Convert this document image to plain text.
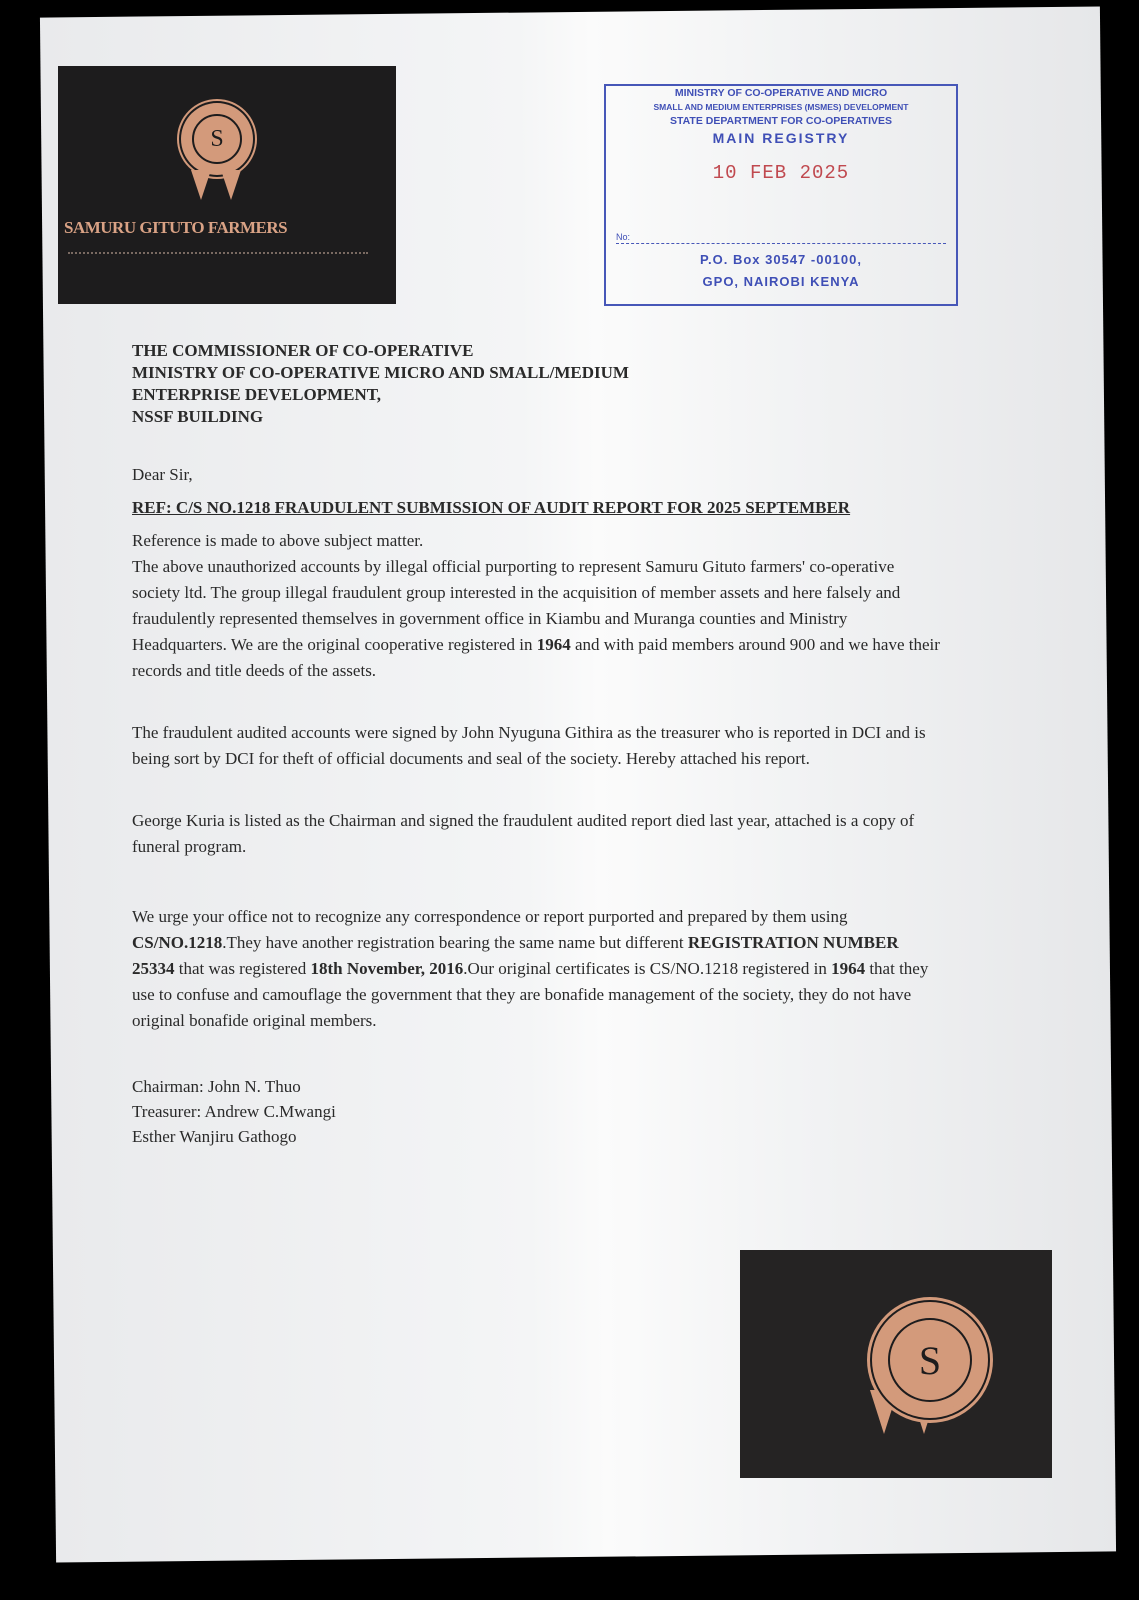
S
SAMURU GITUTO FARMERS
MINISTRY OF CO-OPERATIVE AND MICRO
SMALL AND MEDIUM ENTERPRISES (MSMES) DEVELOPMENT
STATE DEPARTMENT FOR CO-OPERATIVES
MAIN REGISTRY
10 FEB 2025
No:
P.O. Box 30547 -00100,
GPO, NAIROBI KENYA
THE COMMISSIONER OF CO-OPERATIVE
MINISTRY OF CO-OPERATIVE MICRO AND SMALL/MEDIUM
ENTERPRISE DEVELOPMENT,
NSSF BUILDING
Dear Sir,
REF: C/S NO.1218 FRAUDULENT SUBMISSION OF AUDIT REPORT FOR 2025 SEPTEMBER
Reference is made to above subject matter.

The above unauthorized accounts by illegal official purporting to represent Samuru Gituto farmers' co-operative society ltd. The group illegal fraudulent group interested in the acquisition of member assets and here falsely and fraudulently represented themselves in government office in Kiambu and Muranga counties and Ministry Headquarters. We are the original cooperative registered in 1964 and with paid members around 900 and we have their records and title deeds of the assets.

The fraudulent audited accounts were signed by John Nyuguna Githira as the treasurer who is reported in DCI and is being sort by DCI for theft of official documents and seal of the society. Hereby attached his report.

George Kuria is listed as the Chairman and signed the fraudulent audited report died last year, attached is a copy of funeral program.

We urge your office not to recognize any correspondence or report purported and prepared by them using CS/NO.1218.They have another registration bearing the same name but different REGISTRATION NUMBER 25334 that was registered 18th November, 2016.Our original certificates is CS/NO.1218 registered in 1964 that they use to confuse and camouflage the government that they are bonafide management of the society, they do not have original bonafide original members.

Chairman: John N. Thuo
Treasurer: Andrew C.Mwangi
Esther Wanjiru Gathogo
S
